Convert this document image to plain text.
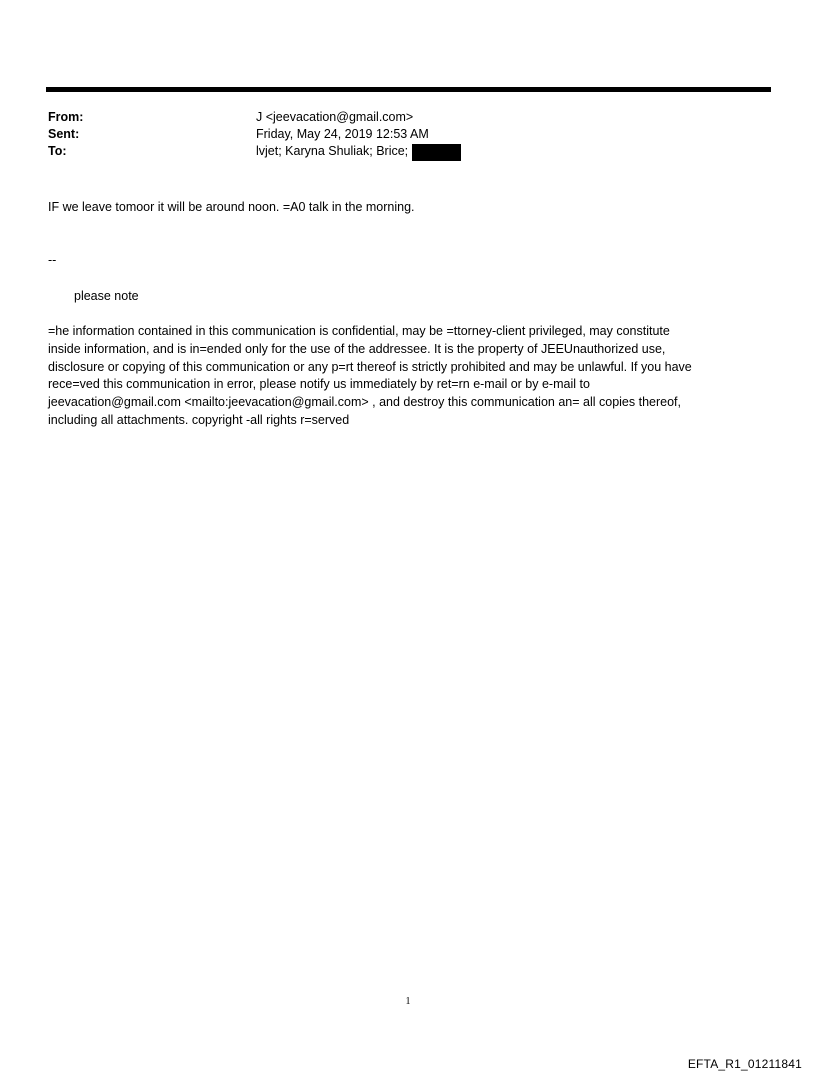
From:	J <jeevacation@gmail.com>
Sent:	Friday, May 24, 2019 12:53 AM
To:	lvjet; Karyna Shuliak; Brice;
IF we leave tomoor it will be around noon. =A0 talk in the morning.
--
please note
=he information contained in this communication is confidential, may be =ttorney-client privileged, may constitute
inside information, and is in=ended only for the use of the addressee. It is the property of JEEUnauthorized use,
disclosure or copying of this communication or any p=rt thereof is strictly prohibited and may be unlawful. If you have
rece=ved this communication in error, please notify us immediately by ret=rn e-mail or by e-mail to
jeevacation@gmail.com <mailto:jeevacation@gmail.com> , and destroy this communication an= all copies thereof,
including all attachments. copyright -all rights r=served
1
EFTA_R1_01211841
